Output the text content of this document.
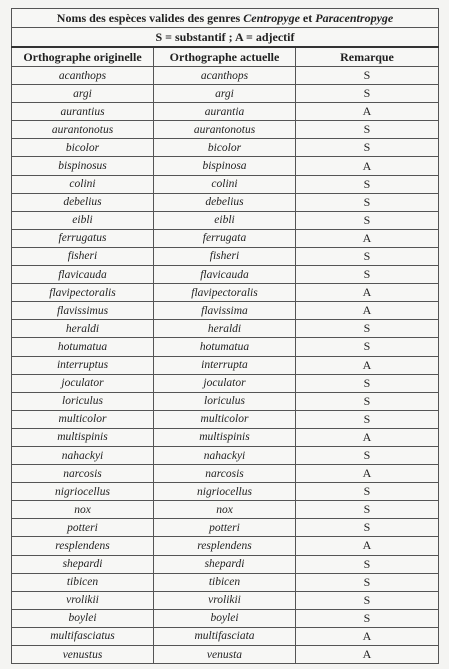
Noms des espèces valides des genres Centropyge et Paracentropyge		
S = substantif ; A = adjectif		
Orthographe originelle	Orthographe actuelle	Remarque
acanthops	acanthops	S
argi	argi	S
aurantius	aurantia	A
aurantonotus	aurantonotus	S
bicolor	bicolor	S
bispinosus	bispinosa	A
colini	colini	S
debelius	debelius	S
eibli	eibli	S
ferrugatus	ferrugata	A
fisheri	fisheri	S
flavicauda	flavicauda	S
flavipectoralis	flavipectoralis	A
flavissimus	flavissima	A
heraldi	heraldi	S
hotumatua	hotumatua	S
interruptus	interrupta	A
joculator	joculator	S
loriculus	loriculus	S
multicolor	multicolor	S
multispinis	multispinis	A
nahackyi	nahackyi	S
narcosis	narcosis	A
nigriocellus	nigriocellus	S
nox	nox	S
potteri	potteri	S
resplendens	resplendens	A
shepardi	shepardi	S
tibicen	tibicen	S
vrolikii	vrolikii	S
boylei	boylei	S
multifasciatus	multifasciata	A
venustus	venusta	A
